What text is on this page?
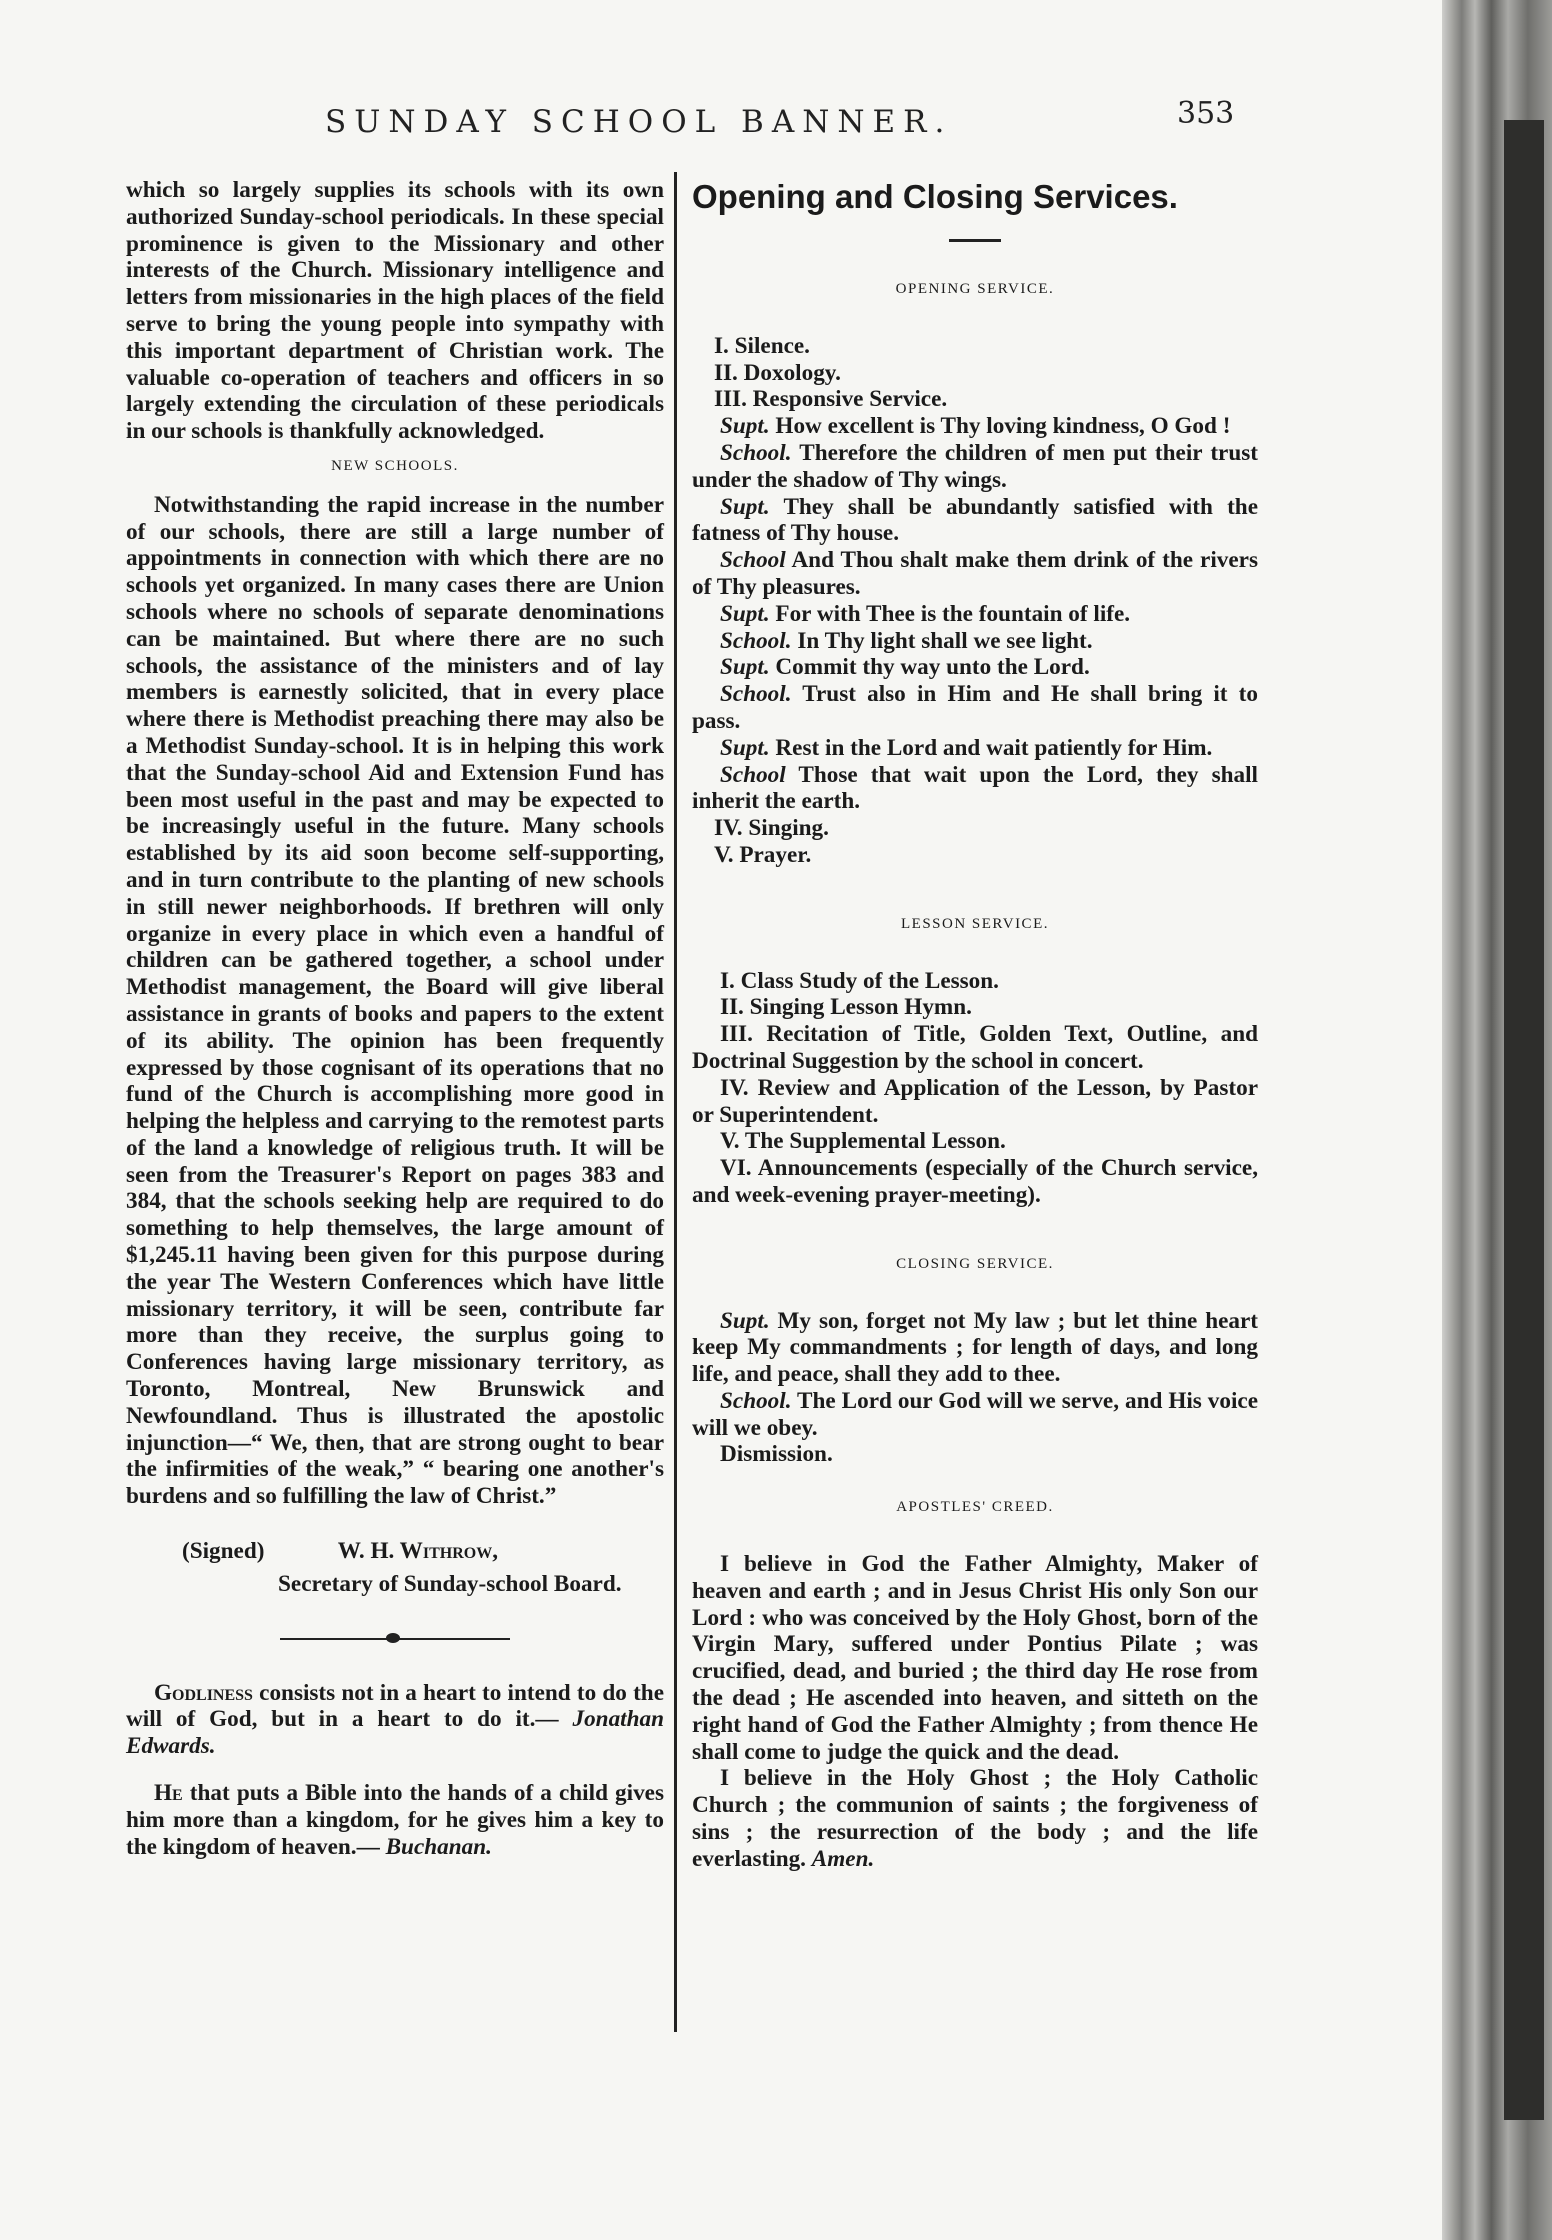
SUNDAY SCHOOL BANNER.	353

which so largely supplies its schools with its own authorized Sunday-school periodicals. In these special prominence is given to the Missionary and other interests of the Church. Missionary intelligence and letters from missionaries in the high places of the field serve to bring the young people into sympathy with this important department of Christian work. The valuable co-operation of teachers and officers in so largely extending the circulation of these periodicals in our schools is thankfully acknowledged.

NEW SCHOOLS.

Notwithstanding the rapid increase in the number of our schools, there are still a large number of appointments in connection with which there are no schools yet organized. In many cases there are Union schools where no schools of separate denominations can be maintained. But where there are no such schools, the assistance of the ministers and of lay members is earnestly solicited, that in every place where there is Methodist preaching there may also be a Methodist Sunday-school. It is in helping this work that the Sunday-school Aid and Extension Fund has been most useful in the past and may be expected to be increasingly useful in the future. Many schools established by its aid soon become self-supporting, and in turn contribute to the planting of new schools in still newer neighborhoods. If brethren will only organize in every place in which even a handful of children can be gathered together, a school under Methodist management, the Board will give liberal assistance in grants of books and papers to the extent of its ability. The opinion has been frequently expressed by those cognisant of its operations that no fund of the Church is accomplishing more good in helping the helpless and carrying to the remotest parts of the land a knowledge of religious truth. It will be seen from the Treasurer's Report on pages 383 and 384, that the schools seeking help are required to do something to help themselves, the large amount of $1,245.11 having been given for this purpose during the year The Western Conferences which have little missionary territory, it will be seen, contribute far more than they receive, the surplus going to Conferences having large missionary territory, as Toronto, Montreal, New Brunswick and Newfoundland. Thus is illustrated the apostolic injunction—“ We, then, that are strong ought to bear the infirmities of the weak,” “ bearing one another's burdens and so fulfilling the law of Christ.”

(Signed)	W. H. Withrow,

Secretary of Sunday-school Board.

Godliness consists not in a heart to intend to do the will of God, but in a heart to do it.— Jonathan Edwards.

He that puts a Bible into the hands of a child gives him more than a kingdom, for he gives him a key to the kingdom of heaven.— Buchanan.

Opening and Closing Services.

OPENING SERVICE.

I. Silence.

II. Doxology.

III. Responsive Service.

Supt. How excellent is Thy loving kindness, O God !

School. Therefore the children of men put their trust under the shadow of Thy wings.

Supt. They shall be abundantly satisfied with the fatness of Thy house.

School And Thou shalt make them drink of the rivers of Thy pleasures.

Supt. For with Thee is the fountain of life.

School. In Thy light shall we see light.

Supt. Commit thy way unto the Lord.

School. Trust also in Him and He shall bring it to pass.

Supt. Rest in the Lord and wait patiently for Him.

School Those that wait upon the Lord, they shall inherit the earth.

IV. Singing.

V. Prayer.

LESSON SERVICE.

I. Class Study of the Lesson.

II. Singing Lesson Hymn.

III. Recitation of Title, Golden Text, Outline, and Doctrinal Suggestion by the school in concert.

IV. Review and Application of the Lesson, by Pastor or Superintendent.

V. The Supplemental Lesson.

VI. Announcements (especially of the Church service, and week-evening prayer-meeting).

CLOSING SERVICE.

Supt. My son, forget not My law ; but let thine heart keep My commandments ; for length of days, and long life, and peace, shall they add to thee.

School. The Lord our God will we serve, and His voice will we obey.

Dismission.

APOSTLES' CREED.

I believe in God the Father Almighty, Maker of heaven and earth ; and in Jesus Christ His only Son our Lord : who was conceived by the Holy Ghost, born of the Virgin Mary, suffered under Pontius Pilate ; was crucified, dead, and buried ; the third day He rose from the dead ; He ascended into heaven, and sitteth on the right hand of God the Father Almighty ; from thence He shall come to judge the quick and the dead.

I believe in the Holy Ghost ; the Holy Catholic Church ; the communion of saints ; the forgiveness of sins ; the resurrection of the body ; and the life everlasting. Amen.
